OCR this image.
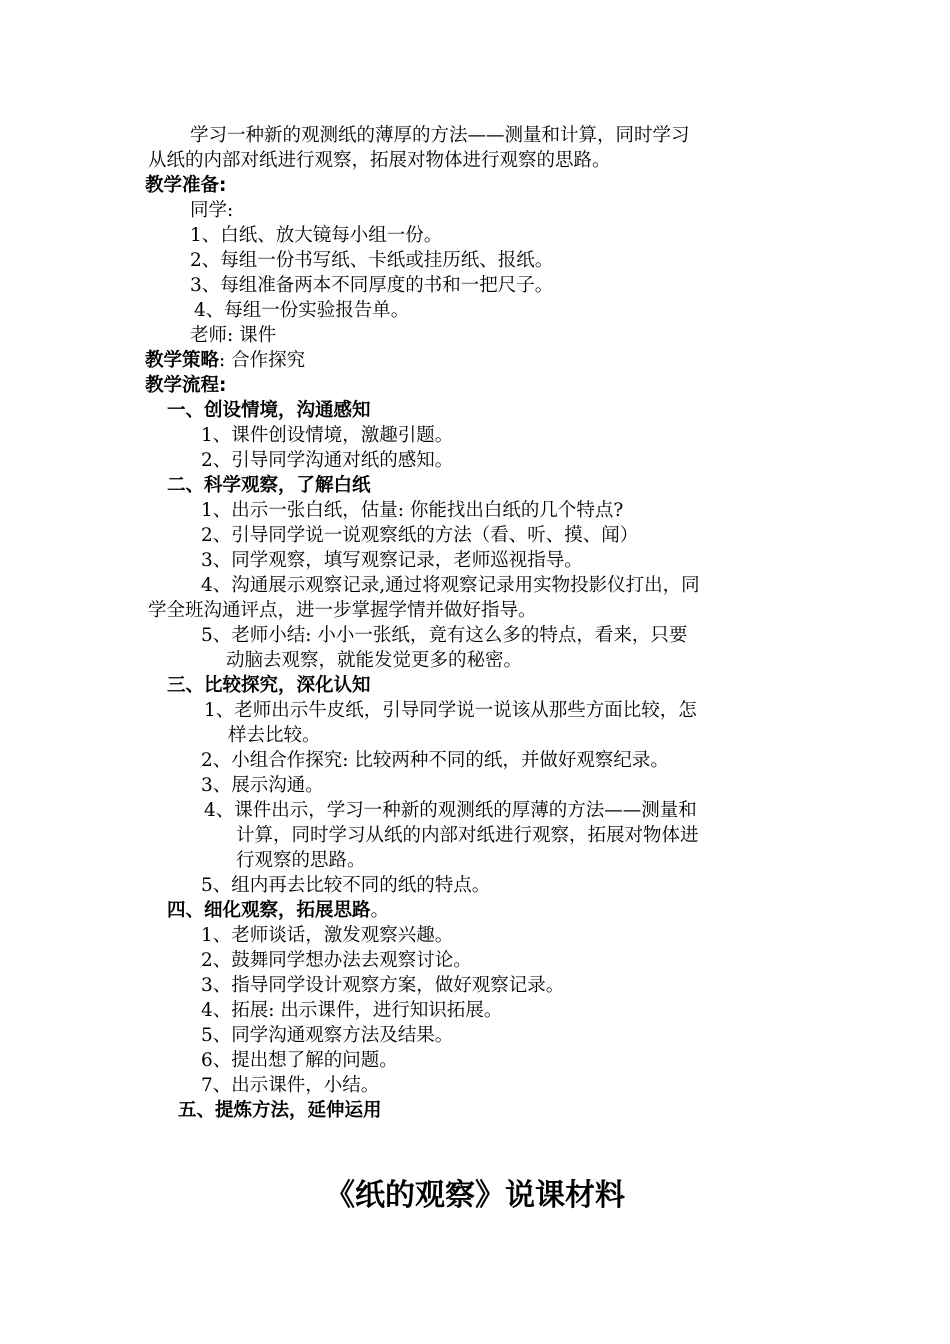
学习一种新的观测纸的薄厚的方法——测量和计算，同时学习
从纸的内部对纸进行观察，拓展对物体进行观察的思路。
教学准备:
同学:
1、白纸、放大镜每小组一份。
2、每组一份书写纸、卡纸或挂历纸、报纸。
3、每组准备两本不同厚度的书和一把尺子。
4、每组一份实验报告单。
老师: 课件
教学策略: 合作探究
教学流程:
一、创设情境，沟通感知
1、课件创设情境，激趣引题。
2、引导同学沟通对纸的感知。
二、科学观察，了解白纸
1、出示一张白纸，估量: 你能找出白纸的几个特点?
2、引导同学说一说观察纸的方法（看、听、摸、闻）
3、同学观察，填写观察记录，老师巡视指导。
4、沟通展示观察记录,通过将观察记录用实物投影仪打出，同
学全班沟通评点，进一步掌握学情并做好指导。
5、老师小结: 小小一张纸，竟有这么多的特点，看来，只要
动脑去观察，就能发觉更多的秘密。
三、比较探究，深化认知
1、老师出示牛皮纸，引导同学说一说该从那些方面比较，怎
样去比较。
2、小组合作探究: 比较两种不同的纸，并做好观察纪录。
3、展示沟通。
4、课件出示，学习一种新的观测纸的厚薄的方法——测量和
计算，同时学习从纸的内部对纸进行观察，拓展对物体进
行观察的思路。
5、组内再去比较不同的纸的特点。
四、细化观察，拓展思路。
1、老师谈话，激发观察兴趣。
2、鼓舞同学想办法去观察讨论。
3、指导同学设计观察方案，做好观察记录。
4、拓展: 出示课件，进行知识拓展。
5、同学沟通观察方法及结果。
6、提出想了解的问题。
7、出示课件，小结。
五、提炼方法，延伸运用
《纸的观察》说课材料
